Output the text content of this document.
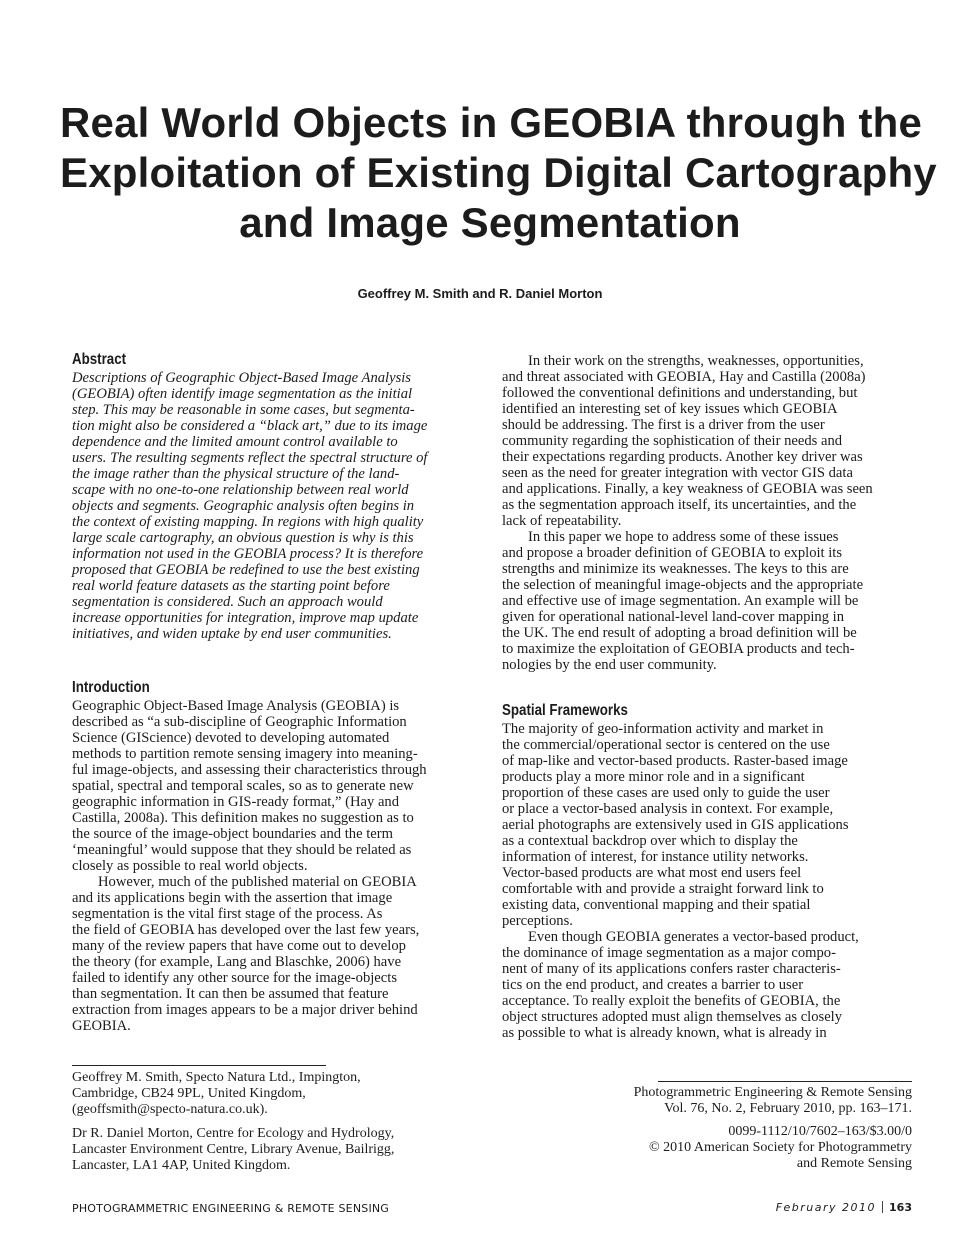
Real World Objects in GEOBIA through the
Exploitation of Existing Digital Cartography
and Image Segmentation
Geoffrey M. Smith and R. Daniel Morton
Abstract

Descriptions of Geographic Object-Based Image Analysis

(GEOBIA) often identify image segmentation as the initial

step. This may be reasonable in some cases, but segmenta-

tion might also be considered a “black art,” due to its image

dependence and the limited amount control available to

users. The resulting segments reflect the spectral structure of

the image rather than the physical structure of the land-

scape with no one-to-one relationship between real world

objects and segments. Geographic analysis often begins in

the context of existing mapping. In regions with high quality

large scale cartography, an obvious question is why is this

information not used in the GEOBIA process? It is therefore

proposed that GEOBIA be redefined to use the best existing

real world feature datasets as the starting point before

segmentation is considered. Such an approach would

increase opportunities for integration, improve map update

initiatives, and widen uptake by end user communities.

Introduction

Geographic Object-Based Image Analysis (GEOBIA) is

described as “a sub-discipline of Geographic Information

Science (GIScience) devoted to developing automated

methods to partition remote sensing imagery into meaning-

ful image-objects, and assessing their characteristics through

spatial, spectral and temporal scales, so as to generate new

geographic information in GIS-ready format,” (Hay and

Castilla, 2008a). This definition makes no suggestion as to

the source of the image-object boundaries and the term

‘meaningful’ would suppose that they should be related as

closely as possible to real world objects.

However, much of the published material on GEOBIA

and its applications begin with the assertion that image

segmentation is the vital first stage of the process. As

the field of GEOBIA has developed over the last few years,

many of the review papers that have come out to develop

the theory (for example, Lang and Blaschke, 2006) have

failed to identify any other source for the image-objects

than segmentation. It can then be assumed that feature

extraction from images appears to be a major driver behind

GEOBIA.

In their work on the strengths, weaknesses, opportunities,

and threat associated with GEOBIA, Hay and Castilla (2008a)

followed the conventional definitions and understanding, but

identified an interesting set of key issues which GEOBIA

should be addressing. The first is a driver from the user

community regarding the sophistication of their needs and

their expectations regarding products. Another key driver was

seen as the need for greater integration with vector GIS data

and applications. Finally, a key weakness of GEOBIA was seen

as the segmentation approach itself, its uncertainties, and the

lack of repeatability.

In this paper we hope to address some of these issues

and propose a broader definition of GEOBIA to exploit its

strengths and minimize its weaknesses. The keys to this are

the selection of meaningful image-objects and the appropriate

and effective use of image segmentation. An example will be

given for operational national-level land-cover mapping in

the UK. The end result of adopting a broad definition will be

to maximize the exploitation of GEOBIA products and tech-

nologies by the end user community.

Spatial Frameworks

The majority of geo-information activity and market in

the commercial/operational sector is centered on the use

of map-like and vector-based products. Raster-based image

products play a more minor role and in a significant

proportion of these cases are used only to guide the user

or place a vector-based analysis in context. For example,

aerial photographs are extensively used in GIS applications

as a contextual backdrop over which to display the

information of interest, for instance utility networks.

Vector-based products are what most end users feel

comfortable with and provide a straight forward link to

existing data, conventional mapping and their spatial

perceptions.

Even though GEOBIA generates a vector-based product,

the dominance of image segmentation as a major compo-

nent of many of its applications confers raster characteris-

tics on the end product, and creates a barrier to user

acceptance. To really exploit the benefits of GEOBIA, the

object structures adopted must align themselves as closely

as possible to what is already known, what is already in

Geoffrey M. Smith, Specto Natura Ltd., Impington,

Cambridge, CB24 9PL, United Kingdom,

(geoffsmith@specto-natura.co.uk).

Dr R. Daniel Morton, Centre for Ecology and Hydrology,

Lancaster Environment Centre, Library Avenue, Bailrigg,

Lancaster, LA1 4AP, United Kingdom.

Photogrammetric Engineering & Remote Sensing

Vol. 76, No. 2, February 2010, pp. 163–171.

0099-1112/10/7602–163/$3.00/0

© 2010 American Society for Photogrammetry

and Remote Sensing

PHOTOGRAMMETRIC ENGINEERING & REMOTE SENSING	February 2010 163
